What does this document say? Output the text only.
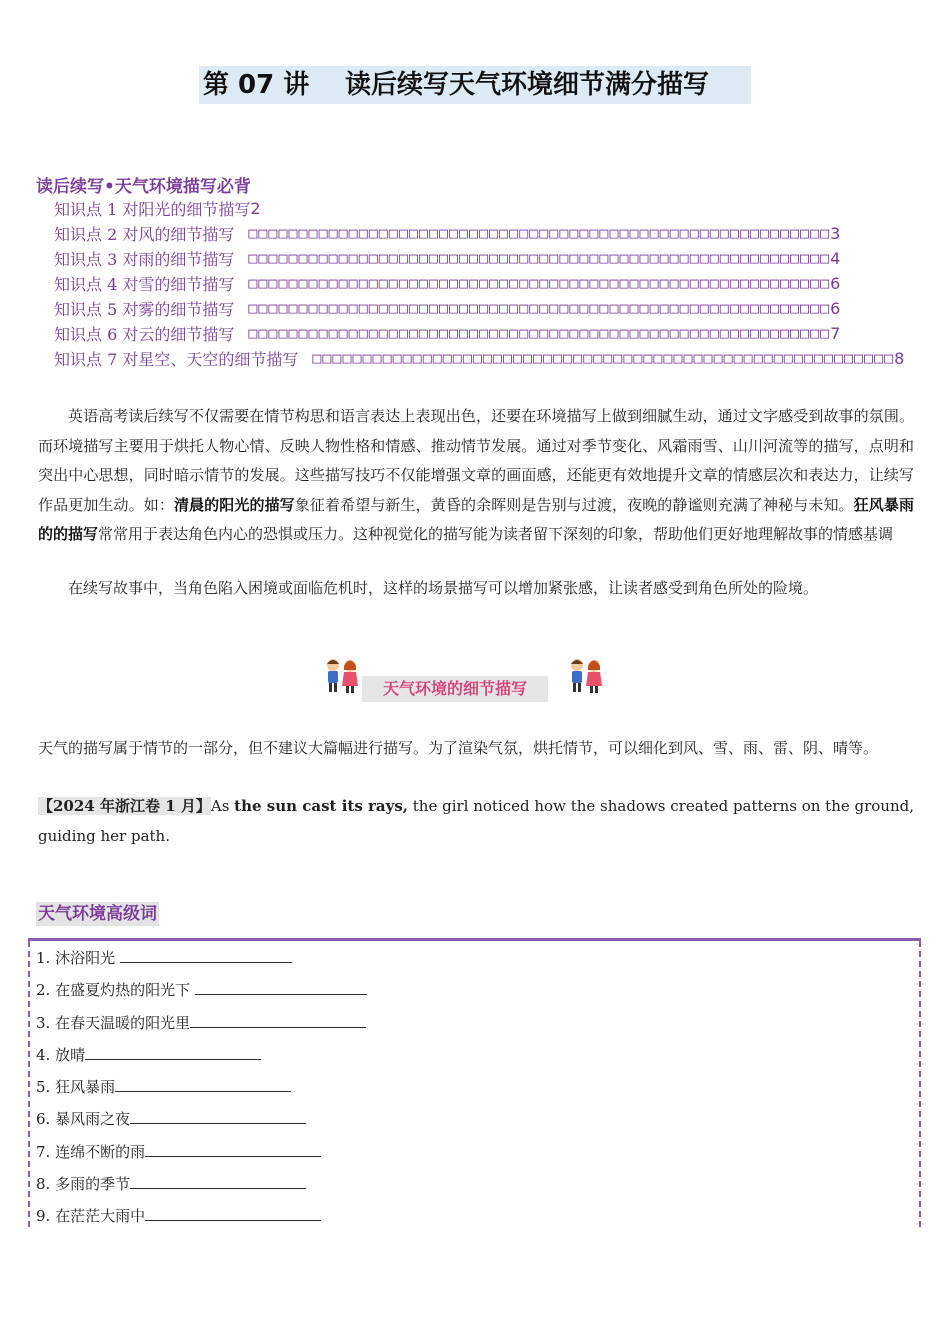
第 07 讲 读后续写天气环境细节满分描写
读后续写•天气环境描写必背
知识点 1 对阳光的细节描写 2
知识点 2 对风的细节描写 □□□□□□□□□□□□□□□□□□□□□□□□□□□□□□□□□□□□□□□□□□□□□□□□□□□□□□□□□□ 3
知识点 3 对雨的细节描写 □□□□□□□□□□□□□□□□□□□□□□□□□□□□□□□□□□□□□□□□□□□□□□□□□□□□□□□□□□ 4
知识点 4 对雪的细节描写 □□□□□□□□□□□□□□□□□□□□□□□□□□□□□□□□□□□□□□□□□□□□□□□□□□□□□□□□□□ 6
知识点 5 对雾的细节描写 □□□□□□□□□□□□□□□□□□□□□□□□□□□□□□□□□□□□□□□□□□□□□□□□□□□□□□□□□□ 6
知识点 6 对云的细节描写 □□□□□□□□□□□□□□□□□□□□□□□□□□□□□□□□□□□□□□□□□□□□□□□□□□□□□□□□□□ 7
知识点 7 对星空、天空的细节描写 □□□□□□□□□□□□□□□□□□□□□□□□□□□□□□□□□□□□□□□□□□□□□□□□□□□□□□□□□□ 8
英语高考读后续写不仅需要在情节构思和语言表达上表现出色，还要在环境描写上做到细腻生动，通过文字感受到故事的氛围。而环境描写主要用于烘托人物心情、反映人物性格和情感、推动情节发展。通过对季节变化、风霜雨雪、山川河流等的描写，点明和突出中心思想，同时暗示情节的发展。这些描写技巧不仅能增强文章的画面感，还能更有效地提升文章的情感层次和表达力，让续写作品更加生动。如：清晨的阳光的描写象征着希望与新生，黄昏的余晖则是告别与过渡，夜晚的静谧则充满了神秘与未知。狂风暴雨的的描写常常用于表达角色内心的恐惧或压力。这种视觉化的描写能为读者留下深刻的印象，帮助他们更好地理解故事的情感基调
在续写故事中，当角色陷入困境或面临危机时，这样的场景描写可以增加紧张感，让读者感受到角色所处的险境。
天气环境的细节描写
天气的描写属于情节的一部分，但不建议大篇幅进行描写。为了渲染气氛，烘托情节，可以细化到风、雪、雨、雷、阴、晴等。
【2024 年浙江卷 1 月】As the sun cast its rays, the girl noticed how the shadows created patterns on the ground, guiding her path.
天气环境高级词
1. 沐浴阳光
2. 在盛夏灼热的阳光下
3. 在春天温暖的阳光里
4. 放晴
5. 狂风暴雨
6. 暴风雨之夜
7. 连绵不断的雨
8. 多雨的季节
9. 在茫茫大雨中
